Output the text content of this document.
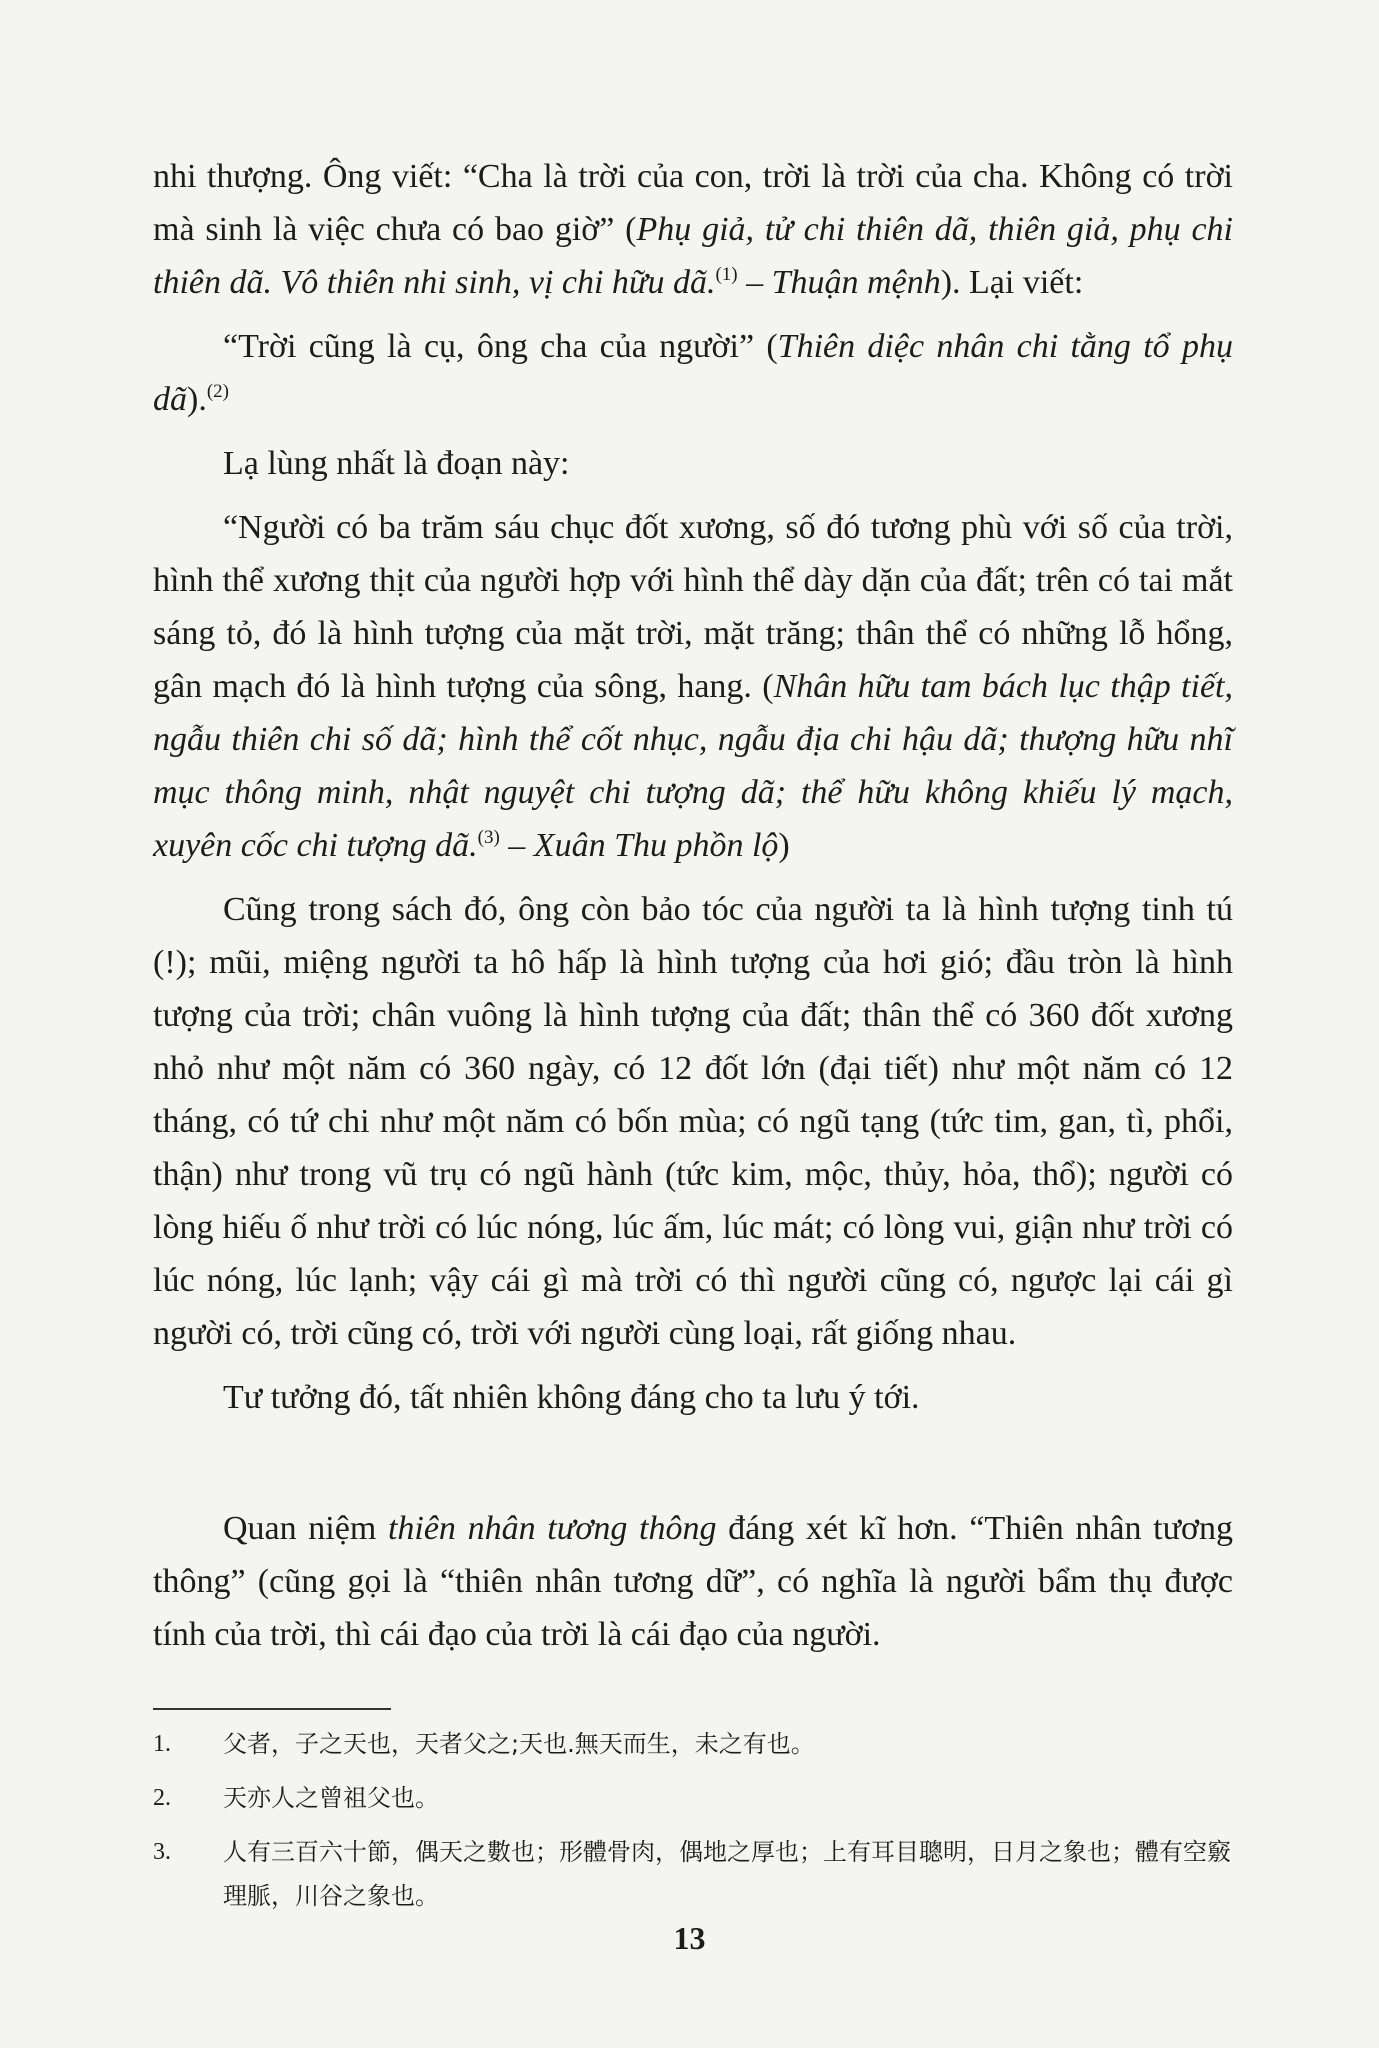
nhi thượng. Ông viết: “Cha là trời của con, trời là trời của cha. Không có trời mà sinh là việc chưa có bao giờ” (Phụ giả, tử chi thiên dã, thiên giả, phụ chi thiên dã. Vô thiên nhi sinh, vị chi hữu dã.$^{(1)}$ – Thuận mệnh). Lại viết:

“Trời cũng là cụ, ông cha của người” (Thiên diệc nhân chi tằng tổ phụ dã).$^{(2)}$

Lạ lùng nhất là đoạn này:

“Người có ba trăm sáu chục đốt xương, số đó tương phù với số của trời, hình thể xương thịt của người hợp với hình thể dày dặn của đất; trên có tai mắt sáng tỏ, đó là hình tượng của mặt trời, mặt trăng; thân thể có những lỗ hổng, gân mạch đó là hình tượng của sông, hang. (Nhân hữu tam bách lục thập tiết, ngẫu thiên chi số dã; hình thể cốt nhục, ngẫu địa chi hậu dã; thượng hữu nhĩ mục thông minh, nhật nguyệt chi tượng dã; thể hữu không khiếu lý mạch, xuyên cốc chi tượng dã.$^{(3)}$ – Xuân Thu phồn lộ)

Cũng trong sách đó, ông còn bảo tóc của người ta là hình tượng tinh tú (!); mũi, miệng người ta hô hấp là hình tượng của hơi gió; đầu tròn là hình tượng của trời; chân vuông là hình tượng của đất; thân thể có 360 đốt xương nhỏ như một năm có 360 ngày, có 12 đốt lớn (đại tiết) như một năm có 12 tháng, có tứ chi như một năm có bốn mùa; có ngũ tạng (tức tim, gan, tì, phổi, thận) như trong vũ trụ có ngũ hành (tức kim, mộc, thủy, hỏa, thổ); người có lòng hiếu ố như trời có lúc nóng, lúc ấm, lúc mát; có lòng vui, giận như trời có lúc nóng, lúc lạnh; vậy cái gì mà trời có thì người cũng có, ngược lại cái gì người có, trời cũng có, trời với người cùng loại, rất giống nhau.

Tư tưởng đó, tất nhiên không đáng cho ta lưu ý tới.

Quan niệm thiên nhân tương thông đáng xét kĩ hơn. “Thiên nhân tương thông” (cũng gọi là “thiên nhân tương dữ”, có nghĩa là người bẩm thụ được tính của trời, thì cái đạo của trời là cái đạo của người.

1.	父者，子之天也，天者父之;天也.無天而生，未之有也。
2.	天亦人之曾祖父也。
3.	人有三百六十節，偶天之數也；形體骨肉，偶地之厚也；上有耳目聰明，日月之象也；體有空竅理脈，川谷之象也。
13
